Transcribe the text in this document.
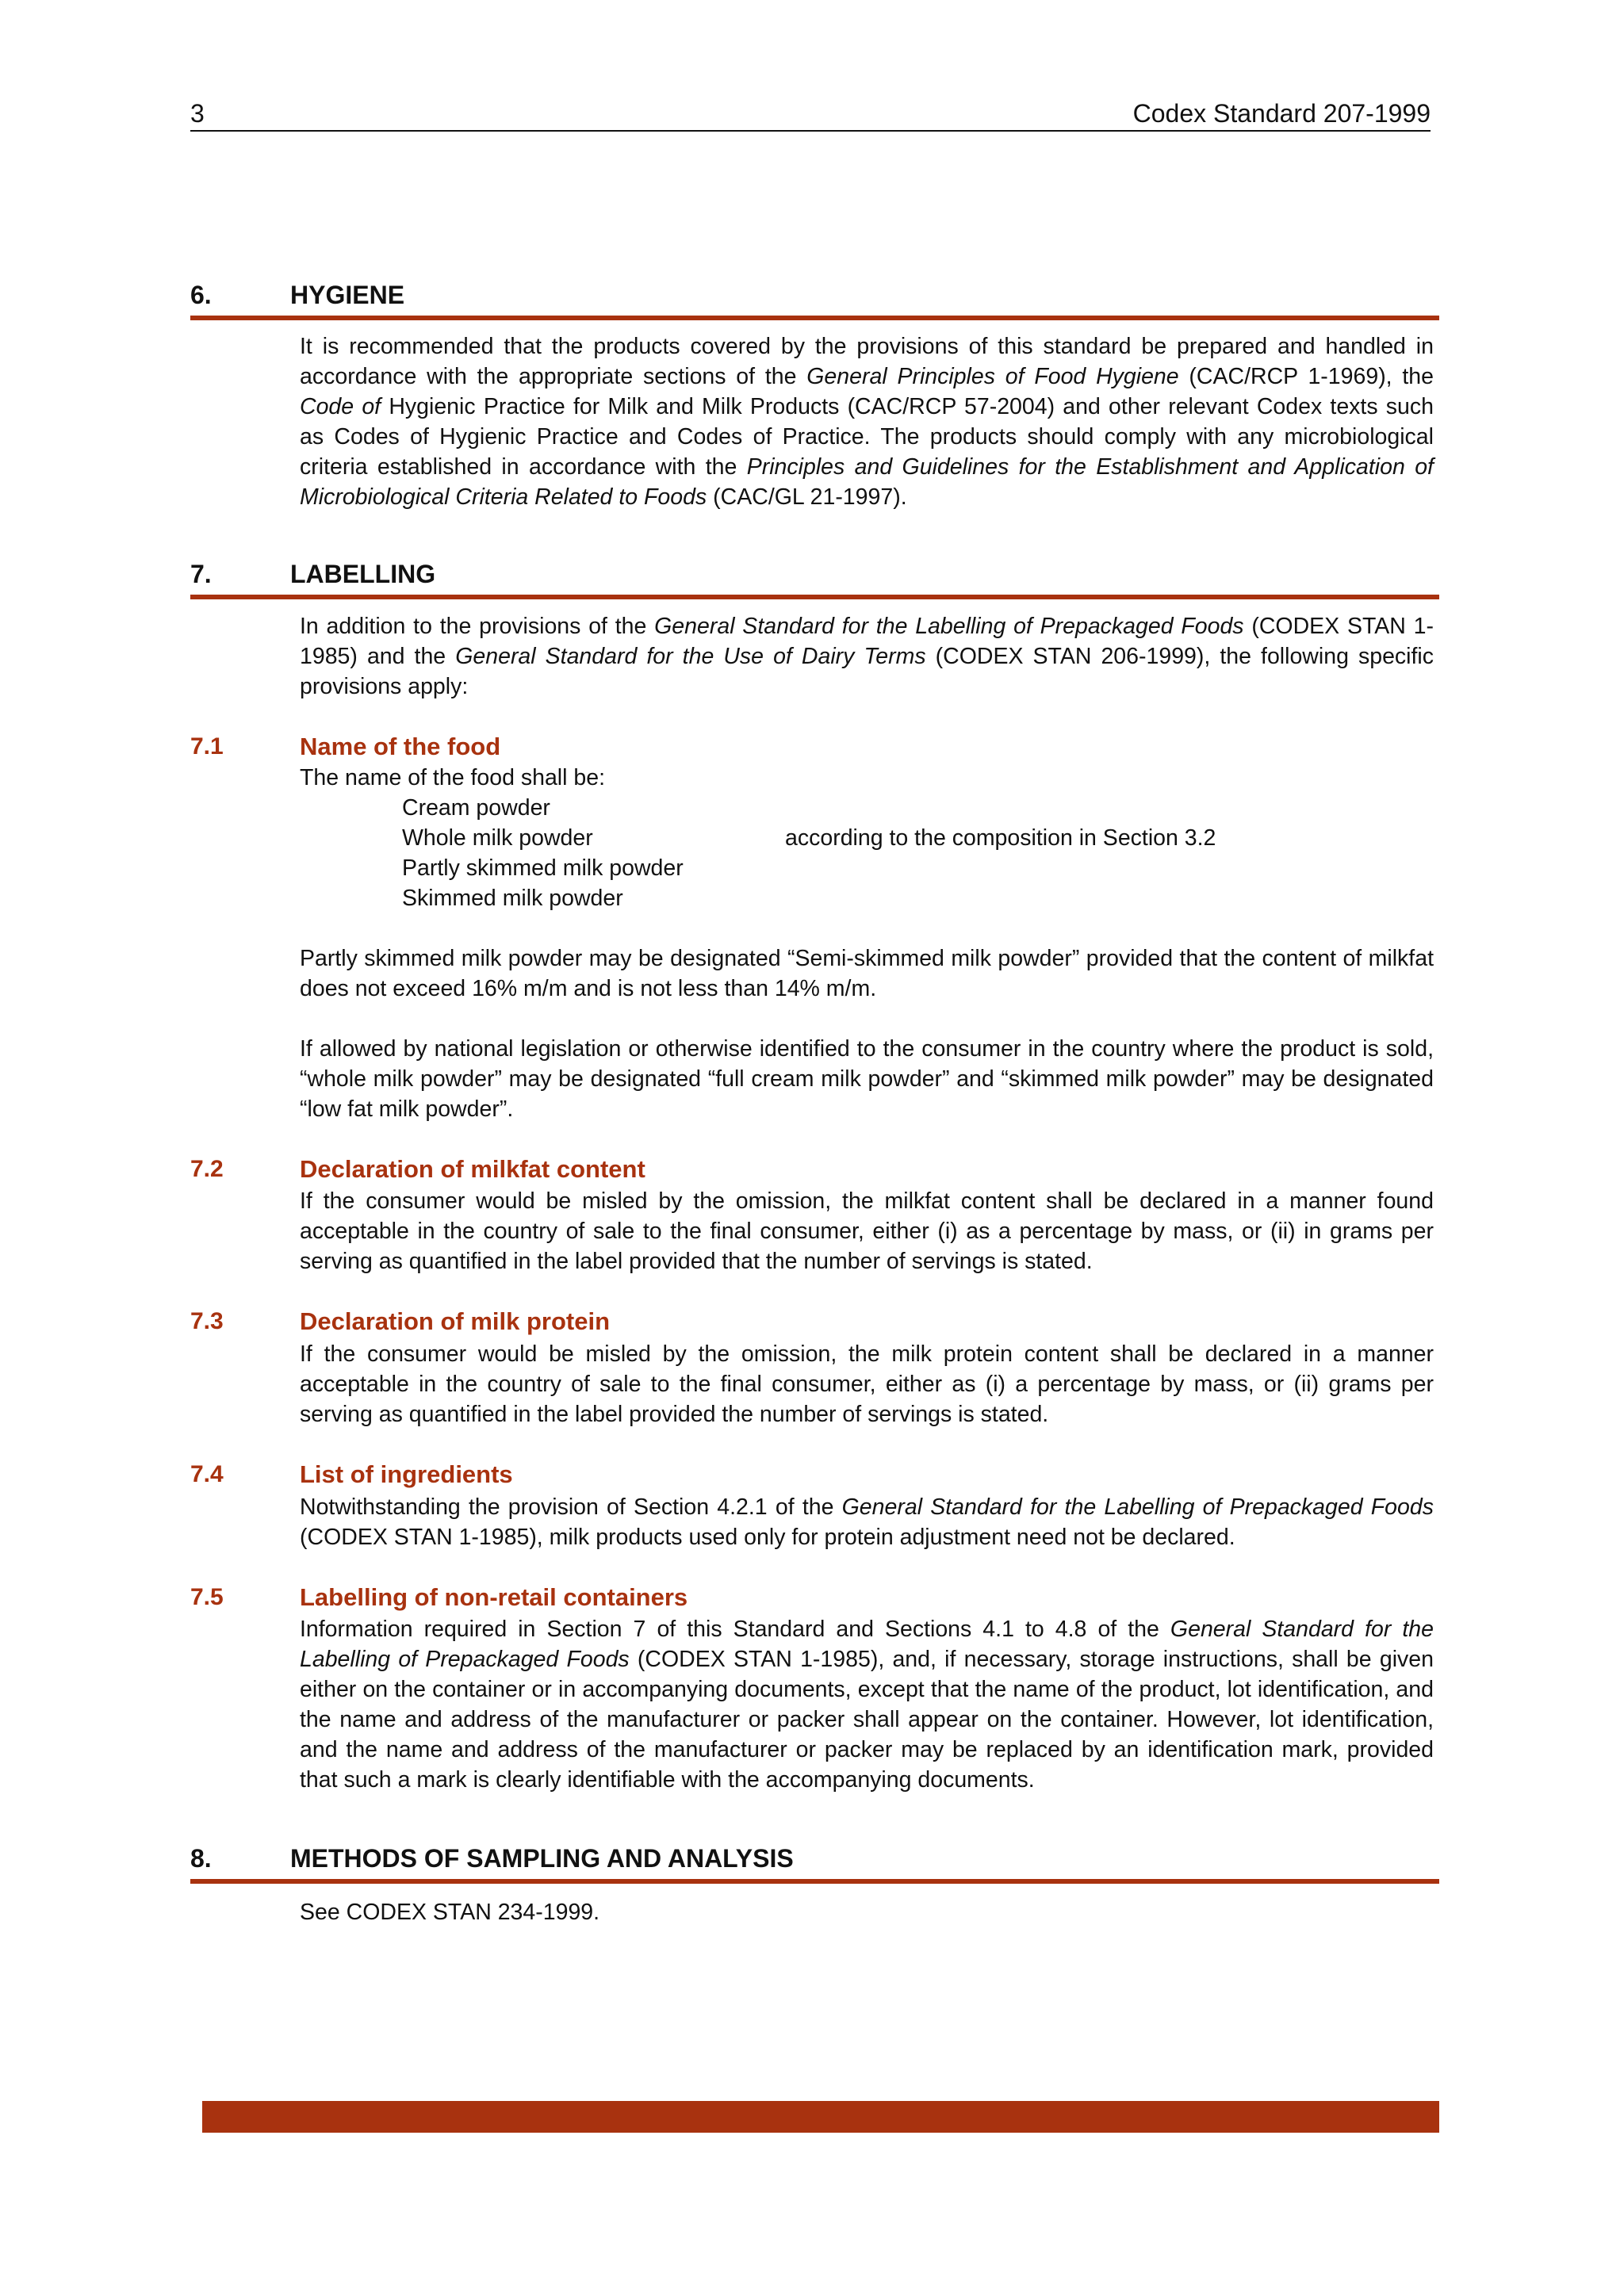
3	Codex Standard 207-1999
6.	HYGIENE
It is recommended that the products covered by the provisions of this standard be prepared and handled in accordance with the appropriate sections of the General Principles of Food Hygiene (CAC/RCP 1-1969), the Code of Hygienic Practice for Milk and Milk Products (CAC/RCP 57-2004) and other relevant Codex texts such as Codes of Hygienic Practice and Codes of Practice. The products should comply with any microbiological criteria established in accordance with the Principles and Guidelines for the Establishment and Application of Microbiological Criteria Related to Foods (CAC/GL 21-1997).
7.	LABELLING
In addition to the provisions of the General Standard for the Labelling of Prepackaged Foods (CODEX STAN 1-1985) and the General Standard for the Use of Dairy Terms (CODEX STAN 206-1999), the following specific provisions apply:
7.1	Name of the food
The name of the food shall be:
Cream powder
Whole milk powder
Partly skimmed milk powder
Skimmed milk powder
according to the composition in Section 3.2
Partly skimmed milk powder may be designated “Semi-skimmed milk powder” provided that the content of milkfat does not exceed 16% m/m and is not less than 14% m/m.
If allowed by national legislation or otherwise identified to the consumer in the country where the product is sold, “whole milk powder” may be designated “full cream milk powder” and “skimmed milk powder” may be designated “low fat milk powder”.
7.2	Declaration of milkfat content
If the consumer would be misled by the omission, the milkfat content shall be declared in a manner found acceptable in the country of sale to the final consumer, either (i) as a percentage by mass, or (ii) in grams per serving as quantified in the label provided that the number of servings is stated.
7.3	Declaration of milk protein
If the consumer would be misled by the omission, the milk protein content shall be declared in a manner acceptable in the country of sale to the final consumer, either as (i) a percentage by mass, or (ii) grams per serving as quantified in the label provided the number of servings is stated.
7.4	List of ingredients
Notwithstanding the provision of Section 4.2.1 of the General Standard for the Labelling of Prepackaged Foods (CODEX STAN 1-1985), milk products used only for protein adjustment need not be declared.
7.5	Labelling of non-retail containers
Information required in Section 7 of this Standard and Sections 4.1 to 4.8 of the General Standard for the Labelling of Prepackaged Foods (CODEX STAN 1-1985), and, if necessary, storage instructions, shall be given either on the container or in accompanying documents, except that the name of the product, lot identification, and the name and address of the manufacturer or packer shall appear on the container. However, lot identification, and the name and address of the manufacturer or packer may be replaced by an identification mark, provided that such a mark is clearly identifiable with the accompanying documents.
8.	METHODS OF SAMPLING AND ANALYSIS
See CODEX STAN 234-1999.
